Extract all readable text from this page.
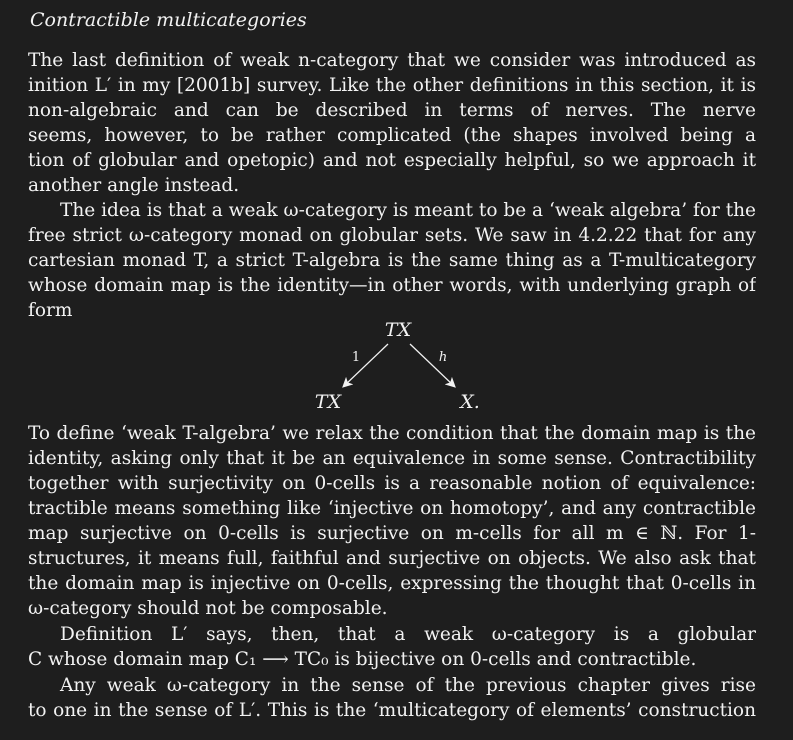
Contractible multicategories
The last definition of weak n-category that we consider was introduced as
inition L′ in my [2001b] survey. Like the other definitions in this section, it is
non-algebraic and can be described in terms of nerves. The nerve
seems, however, to be rather complicated (the shapes involved being a
tion of globular and opetopic) and not especially helpful, so we approach it
another angle instead.
The idea is that a weak ω-category is meant to be a ‘weak algebra’ for the
free strict ω-category monad on globular sets. We saw in 4.2.22 that for any
cartesian monad T, a strict T-algebra is the same thing as a T-multicategory
whose domain map is the identity—in other words, with underlying graph of
form
TX
1	h
TX	X.
To define ‘weak T-algebra’ we relax the condition that the domain map is the
identity, asking only that it be an equivalence in some sense. Contractibility
together with surjectivity on 0-cells is a reasonable notion of equivalence:
tractible means something like ‘injective on homotopy’, and any contractible
map surjective on 0-cells is surjective on m-cells for all m ∈ ℕ. For 1-
structures, it means full, faithful and surjective on objects. We also ask that
the domain map is injective on 0-cells, expressing the thought that 0-cells in
ω-category should not be composable.
Definition L′ says, then, that a weak ω-category is a globular
C whose domain map C₁ ⟶ TC₀ is bijective on 0-cells and contractible.
Any weak ω-category in the sense of the previous chapter gives rise
to one in the sense of L′. This is the ‘multicategory of elements’ construction
